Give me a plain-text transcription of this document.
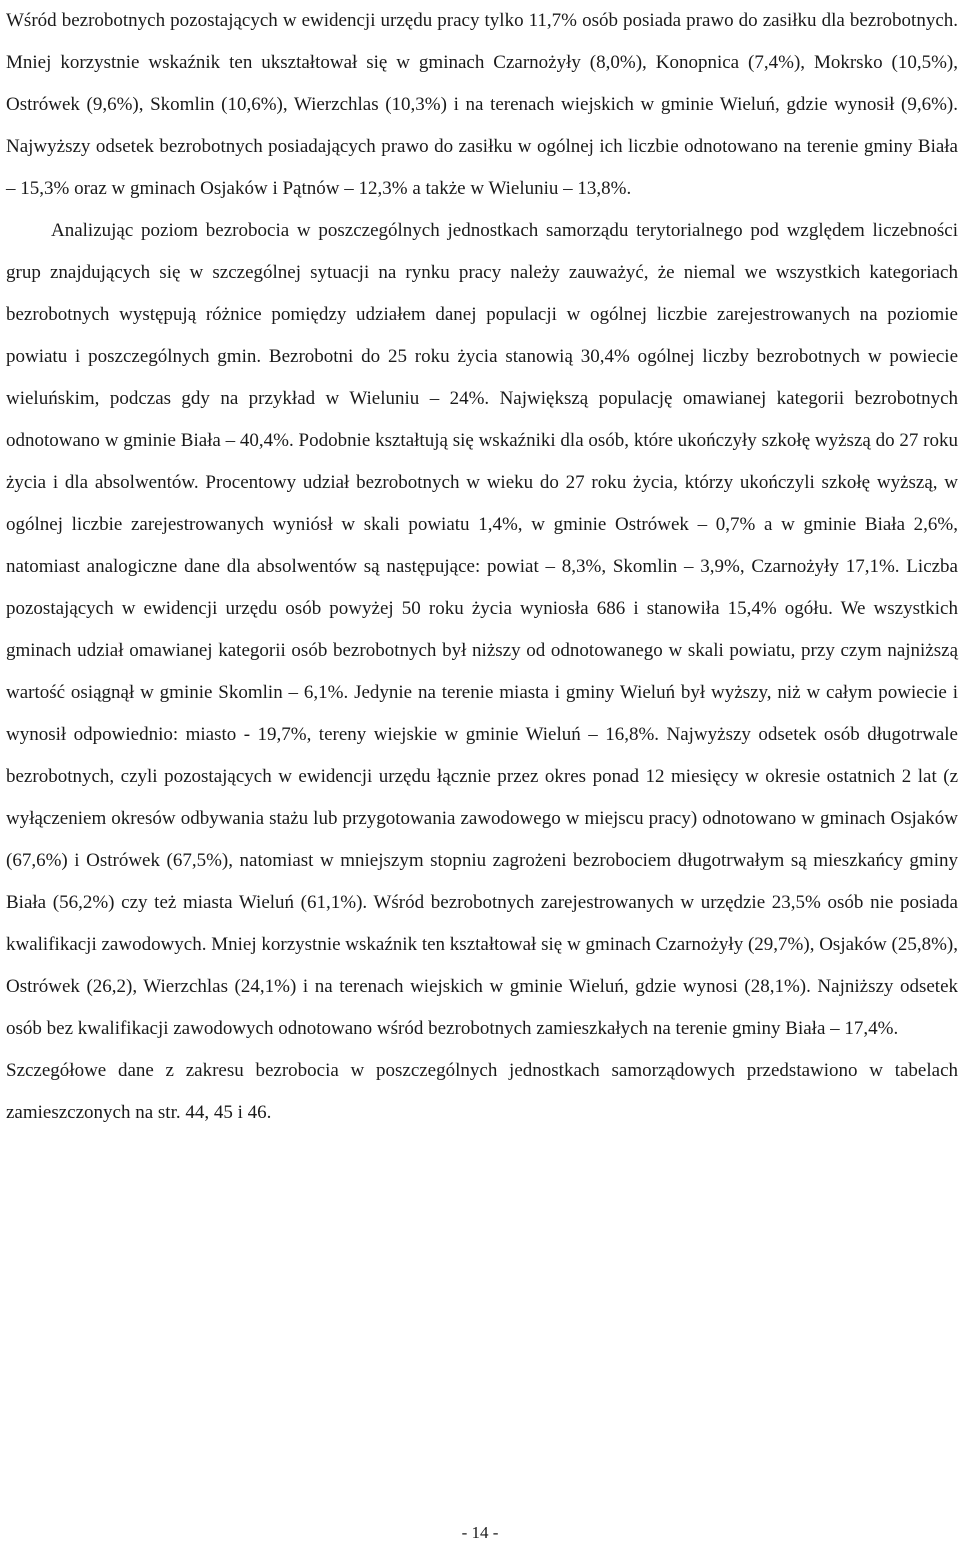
Wśród bezrobotnych pozostających w ewidencji urzędu pracy tylko 11,7% osób posiada prawo do zasiłku dla bezrobotnych. Mniej korzystnie wskaźnik ten ukształtował się w gminach Czarnożyły (8,0%), Konopnica (7,4%), Mokrsko (10,5%), Ostrówek (9,6%), Skomlin (10,6%), Wierzchlas (10,3%) i na terenach wiejskich w gminie Wieluń, gdzie wynosił (9,6%). Najwyższy odsetek bezrobotnych posiadających prawo do zasiłku w ogólnej ich liczbie odnotowano na terenie gminy Biała – 15,3% oraz w gminach Osjaków i Pątnów – 12,3% a także w Wieluniu – 13,8%.

Analizując poziom bezrobocia w poszczególnych jednostkach samorządu terytorialnego pod względem liczebności grup znajdujących się w szczególnej sytuacji na rynku pracy należy zauważyć, że niemal we wszystkich kategoriach bezrobotnych występują różnice pomiędzy udziałem danej populacji w ogólnej liczbie zarejestrowanych na poziomie powiatu i poszczególnych gmin. Bezrobotni do 25 roku życia stanowią 30,4% ogólnej liczby bezrobotnych w powiecie wieluńskim, podczas gdy na przykład w Wieluniu – 24%. Największą populację omawianej kategorii bezrobotnych odnotowano w gminie Biała – 40,4%. Podobnie kształtują się wskaźniki dla osób, które ukończyły szkołę wyższą do 27 roku życia i dla absolwentów. Procentowy udział bezrobotnych w wieku do 27 roku życia, którzy ukończyli szkołę wyższą, w ogólnej liczbie zarejestrowanych wyniósł w skali powiatu 1,4%, w gminie Ostrówek – 0,7% a w gminie Biała 2,6%, natomiast analogiczne dane dla absolwentów są następujące: powiat – 8,3%, Skomlin – 3,9%, Czarnożyły 17,1%. Liczba pozostających w ewidencji urzędu osób powyżej 50 roku życia wyniosła 686 i stanowiła 15,4% ogółu. We wszystkich gminach udział omawianej kategorii osób bezrobotnych był niższy od odnotowanego w skali powiatu, przy czym najniższą wartość osiągnął w gminie Skomlin – 6,1%. Jedynie na terenie miasta i gminy Wieluń był wyższy, niż w całym powiecie i wynosił odpowiednio: miasto - 19,7%, tereny wiejskie w gminie Wieluń – 16,8%. Najwyższy odsetek osób długotrwale bezrobotnych, czyli pozostających w ewidencji urzędu łącznie przez okres ponad 12 miesięcy w okresie ostatnich 2 lat (z wyłączeniem okresów odbywania stażu lub przygotowania zawodowego w miejscu pracy) odnotowano w gminach Osjaków (67,6%) i Ostrówek (67,5%), natomiast w mniejszym stopniu zagrożeni bezrobociem długotrwałym są mieszkańcy gminy Biała (56,2%) czy też miasta Wieluń (61,1%). Wśród bezrobotnych zarejestrowanych w urzędzie 23,5% osób nie posiada kwalifikacji zawodowych. Mniej korzystnie wskaźnik ten kształtował się w gminach Czarnożyły (29,7%), Osjaków (25,8%), Ostrówek (26,2), Wierzchlas (24,1%) i na terenach wiejskich w gminie Wieluń, gdzie wynosi (28,1%). Najniższy odsetek osób bez kwalifikacji zawodowych odnotowano wśród bezrobotnych zamieszkałych na terenie gminy Biała – 17,4%.

Szczegółowe dane z zakresu bezrobocia w poszczególnych jednostkach samorządowych przedstawiono w tabelach zamieszczonych na str. 44, 45 i 46.

- 14 -
